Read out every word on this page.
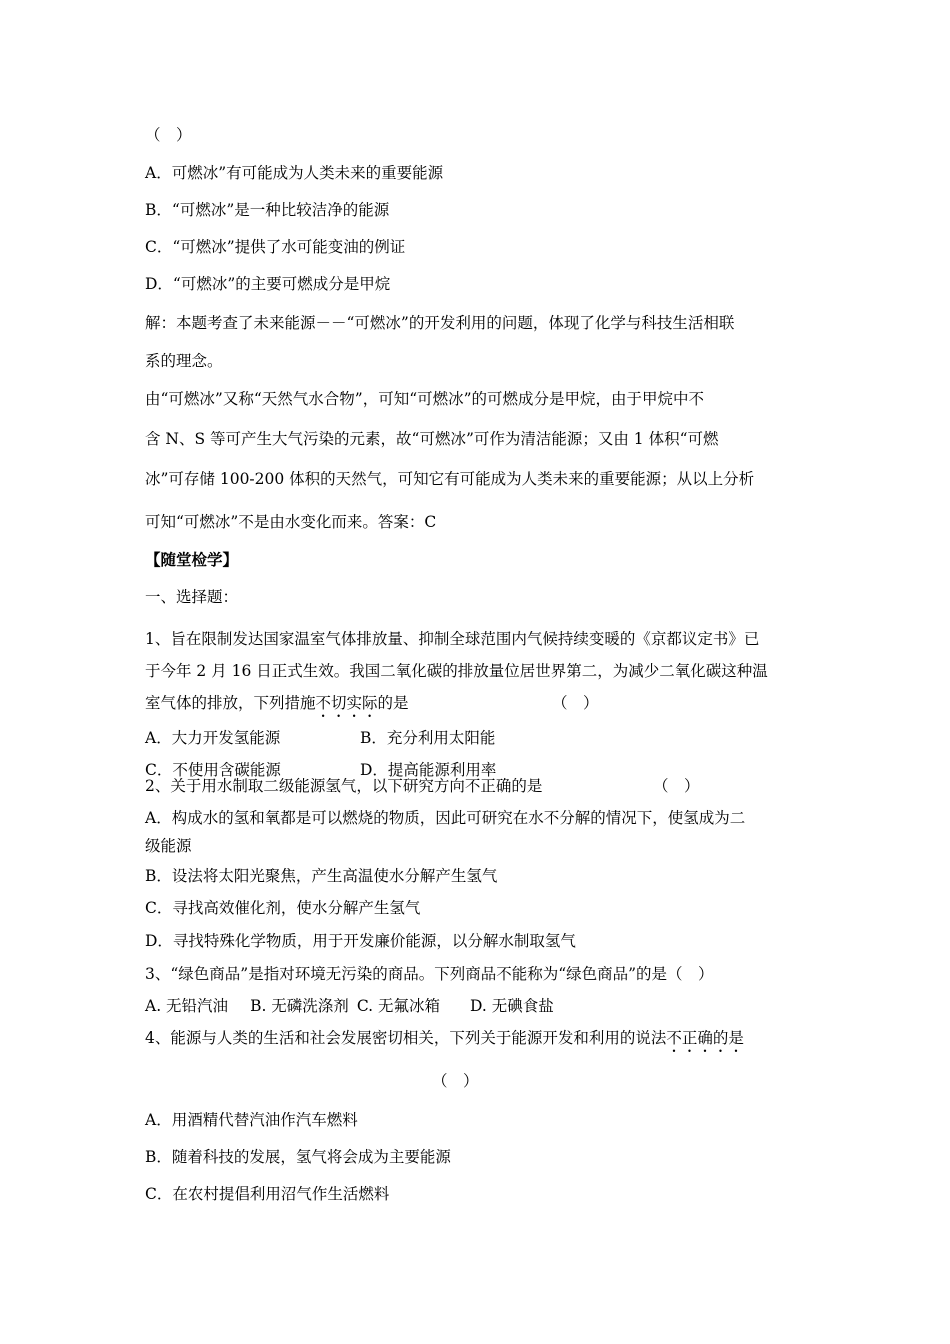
（　）
A．可燃冰”有可能成为人类未来的重要能源
B．“可燃冰”是一种比较洁净的能源
C．“可燃冰”提供了水可能变油的例证
D．“可燃冰”的主要可燃成分是甲烷
解：本题考查了未来能源－－“可燃冰”的开发利用的问题，体现了化学与科技生活相联
系的理念。
由“可燃冰”又称“天然气水合物”，可知“可燃冰”的可燃成分是甲烷，由于甲烷中不
含 N、S 等可产生大气污染的元素，故“可燃冰”可作为清洁能源；又由 1 体积“可燃
冰”可存储 100-200 体积的天然气，可知它有可能成为人类未来的重要能源；从以上分析
可知“可燃冰”不是由水变化而来。答案：C
【随堂检学】
一、选择题：
1、旨在限制发达国家温室气体排放量、抑制全球范围内气候持续变暖的《京都议定书》已
于今年 2 月 16 日正式生效。我国二氧化碳的排放量位居世界第二，为减少二氧化碳这种温
室气体的排放，下列措施不切实际的是	（　）
A．大力开发氢能源	B．充分利用太阳能
C．不使用含碳能源	D．提高能源利用率
2、关于用水制取二级能源氢气，以下研究方向不正确的是	（　）
A．构成水的氢和氧都是可以燃烧的物质，因此可研究在水不分解的情况下，使氢成为二
级能源
B．设法将太阳光聚焦，产生高温使水分解产生氢气
C．寻找高效催化剂，使水分解产生氢气
D．寻找特殊化学物质，用于开发廉价能源，以分解水制取氢气
3、“绿色商品”是指对环境无污染的商品。下列商品不能称为“绿色商品”的是（　）
A. 无铅汽油 B. 无磷洗涤剂 C. 无氟冰箱 D. 无碘食盐
4、能源与人类的生活和社会发展密切相关，下列关于能源开发和利用的说法不正确的是
（　）
A．用酒精代替汽油作汽车燃料
B．随着科技的发展，氢气将会成为主要能源
C．在农村提倡利用沼气作生活燃料
